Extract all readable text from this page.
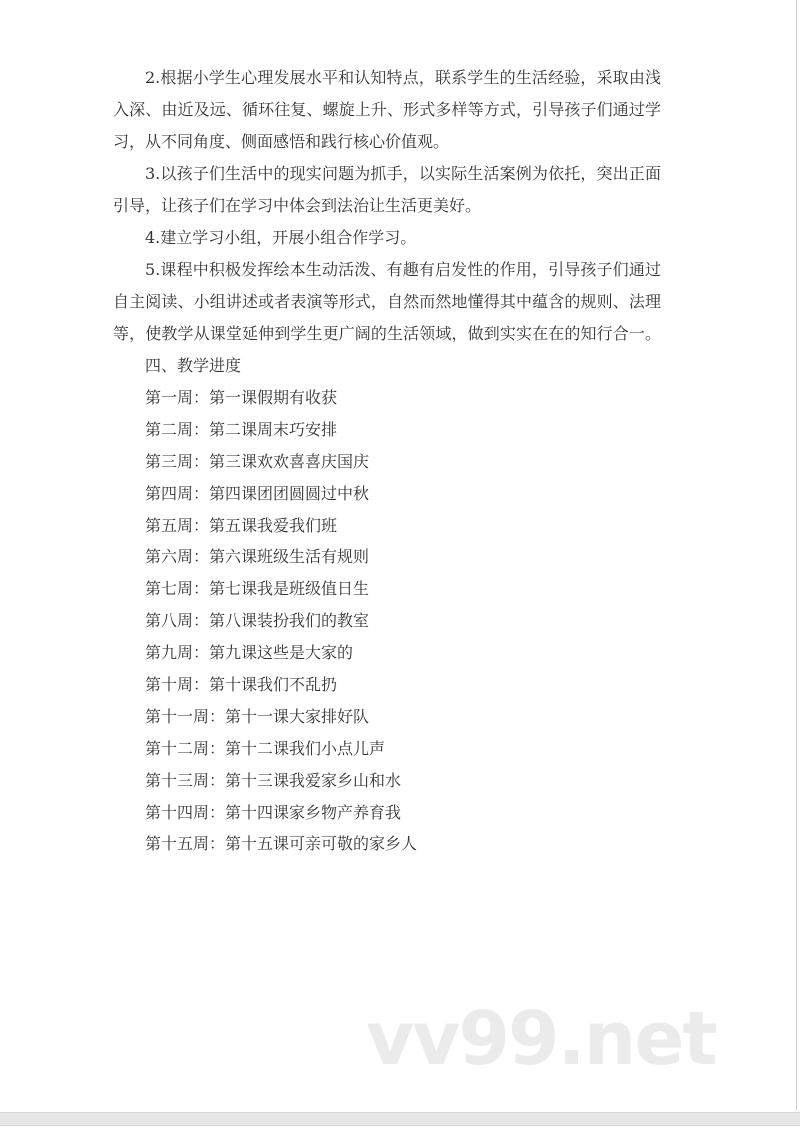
2.根据小学生心理发展水平和认知特点，联系学生的生活经验，采取由浅
入深、由近及远、循环往复、螺旋上升、形式多样等方式，引导孩子们通过学
习，从不同角度、侧面感悟和践行核心价值观。
3.以孩子们生活中的现实问题为抓手，以实际生活案例为依托，突出正面
引导，让孩子们在学习中体会到法治让生活更美好。
4.建立学习小组，开展小组合作学习。
5.课程中积极发挥绘本生动活泼、有趣有启发性的作用，引导孩子们通过
自主阅读、小组讲述或者表演等形式，自然而然地懂得其中蕴含的规则、法理
等，使教学从课堂延伸到学生更广阔的生活领域，做到实实在在的知行合一。
四、教学进度
第一周：第一课假期有收获
第二周：第二课周末巧安排
第三周：第三课欢欢喜喜庆国庆
第四周：第四课团团圆圆过中秋
第五周：第五课我爱我们班
第六周：第六课班级生活有规则
第七周：第七课我是班级值日生
第八周：第八课装扮我们的教室
第九周：第九课这些是大家的
第十周：第十课我们不乱扔
第十一周：第十一课大家排好队
第十二周：第十二课我们小点儿声
第十三周：第十三课我爱家乡山和水
第十四周：第十四课家乡物产养育我
第十五周：第十五课可亲可敬的家乡人
vv99.net
